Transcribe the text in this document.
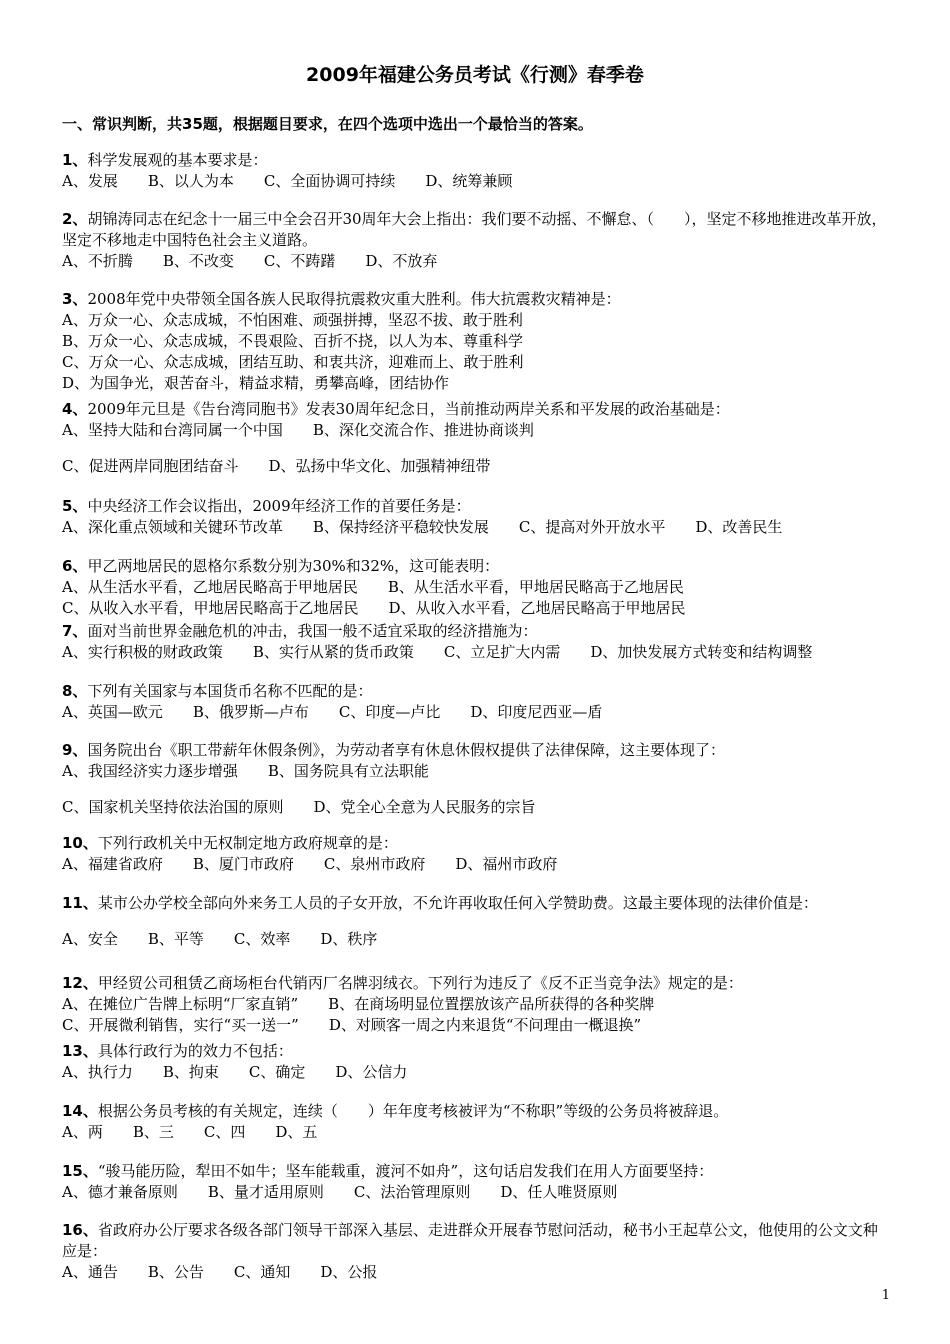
2009年福建公务员考试《行测》春季卷
一、常识判断，共35题，根据题目要求，在四个选项中选出一个最恰当的答案。
1、科学发展观的基本要求是：
A、发展　　B、以人为本　　C、全面协调可持续　　D、统筹兼顾
2、胡锦涛同志在纪念十一届三中全会召开30周年大会上指出：我们要不动摇、不懈怠、（　　），坚定不移地推进改革开放，坚定不移地走中国特色社会主义道路。
A、不折腾　　B、不改变　　C、不踌躇　　D、不放弃
3、2008年党中央带领全国各族人民取得抗震救灾重大胜利。伟大抗震救灾精神是：
A、万众一心、众志成城，不怕困难、顽强拼搏，坚忍不拔、敢于胜利
B、万众一心、众志成城，不畏艰险、百折不挠，以人为本、尊重科学
C、万众一心、众志成城，团结互助、和衷共济，迎难而上、敢于胜利
D、为国争光，艰苦奋斗，精益求精，勇攀高峰，团结协作
4、2009年元旦是《告台湾同胞书》发表30周年纪念日，当前推动两岸关系和平发展的政治基础是：
A、坚持大陆和台湾同属一个中国　　B、深化交流合作、推进协商谈判
C、促进两岸同胞团结奋斗　　D、弘扬中华文化、加强精神纽带
5、中央经济工作会议指出，2009年经济工作的首要任务是：
A、深化重点领域和关键环节改革　　B、保持经济平稳较快发展　　C、提高对外开放水平　　D、改善民生
6、甲乙两地居民的恩格尔系数分别为30%和32%，这可能表明：
A、从生活水平看，乙地居民略高于甲地居民　　B、从生活水平看，甲地居民略高于乙地居民
C、从收入水平看，甲地居民略高于乙地居民　　D、从收入水平看，乙地居民略高于甲地居民
7、面对当前世界金融危机的冲击，我国一般不适宜采取的经济措施为：
A、实行积极的财政政策　　B、实行从紧的货币政策　　C、立足扩大内需　　D、加快发展方式转变和结构调整
8、下列有关国家与本国货币名称不匹配的是：
A、英国—欧元　　B、俄罗斯—卢布　　C、印度—卢比　　D、印度尼西亚—盾
9、国务院出台《职工带薪年休假条例》，为劳动者享有休息休假权提供了法律保障，这主要体现了：
A、我国经济实力逐步增强　　B、国务院具有立法职能
C、国家机关坚持依法治国的原则　　D、党全心全意为人民服务的宗旨
10、下列行政机关中无权制定地方政府规章的是：
A、福建省政府　　B、厦门市政府　　C、泉州市政府　　D、福州市政府
11、某市公办学校全部向外来务工人员的子女开放，不允许再收取任何入学赞助费。这最主要体现的法律价值是：
A、安全　　B、平等　　C、效率　　D、秩序
12、甲经贸公司租赁乙商场柜台代销丙厂名牌羽绒衣。下列行为违反了《反不正当竞争法》规定的是：
A、在摊位广告牌上标明“厂家直销”　　B、在商场明显位置摆放该产品所获得的各种奖牌
C、开展微利销售，实行“买一送一”　　D、对顾客一周之内来退货“不问理由一概退换”
13、具体行政行为的效力不包括：
A、执行力　　B、拘束　　C、确定　　D、公信力
14、根据公务员考核的有关规定，连续（　　）年年度考核被评为“不称职”等级的公务员将被辞退。
A、两　　B、三　　C、四　　D、五
15、“骏马能历险，犁田不如牛；坚车能载重，渡河不如舟”，这句话启发我们在用人方面要坚持：
A、德才兼备原则　　B、量才适用原则　　C、法治管理原则　　D、任人唯贤原则
16、省政府办公厅要求各级各部门领导干部深入基层、走进群众开展春节慰问活动，秘书小王起草公文，他使用的公文文种应是：
A、通告　　B、公告　　C、通知　　D、公报
1
